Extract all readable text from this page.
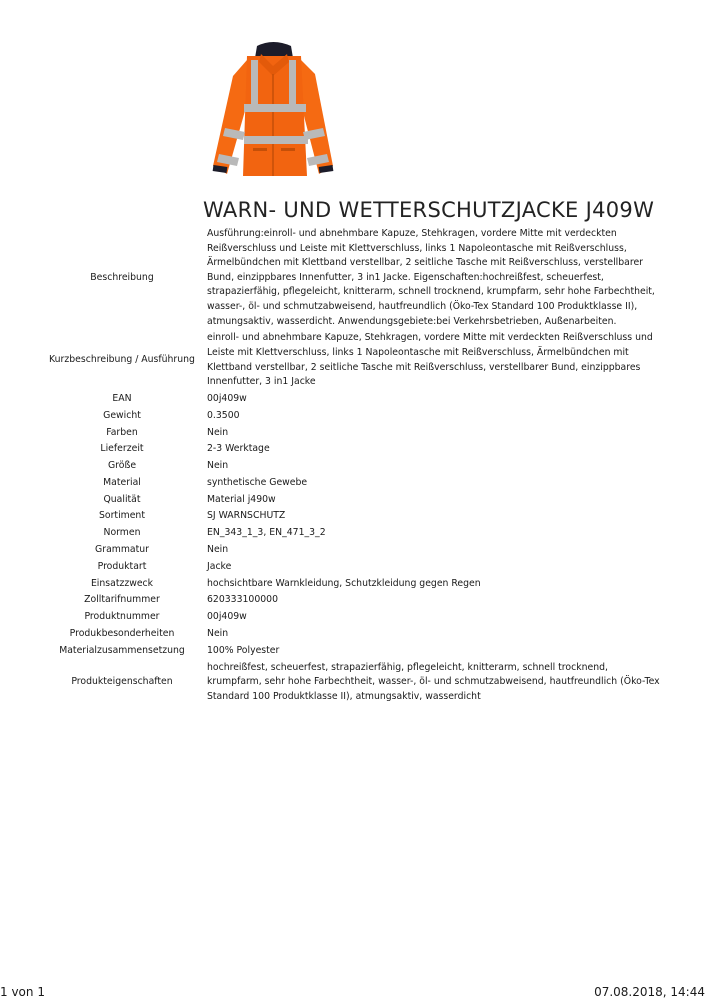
WARN- UND WETTERSCHUTZJACKE J409W
Beschreibung	Ausführung:einroll- und abnehmbare Kapuze, Stehkragen, vordere Mitte mit verdeckten Reißverschluss und Leiste mit Klettverschluss, links 1 Napoleontasche mit Reißverschluss, Ärmelbündchen mit Klettband verstellbar, 2 seitliche Tasche mit Reißverschluss, verstellbarer Bund, einzippbares Innenfutter, 3 in1 Jacke. Eigenschaften:hochreißfest, scheuerfest, strapazierfähig, pflegeleicht, knitterarm, schnell trocknend, krumpfarm, sehr hohe Farbechtheit, wasser-, öl- und schmutzabweisend, hautfreundlich (Öko-Tex Standard 100 Produktklasse II), atmungsaktiv, wasserdicht. Anwendungsgebiete:bei Verkehrsbetrieben, Außenarbeiten.
Kurzbeschreibung / Ausführung	einroll- und abnehmbare Kapuze, Stehkragen, vordere Mitte mit verdeckten Reißverschluss und Leiste mit Klettverschluss, links 1 Napoleontasche mit Reißverschluss, Ärmelbündchen mit Klettband verstellbar, 2 seitliche Tasche mit Reißverschluss, verstellbarer Bund, einzippbares Innenfutter, 3 in1 Jacke
EAN	00j409w
Gewicht	0.3500
Farben	Nein
Lieferzeit	2-3 Werktage
Größe	Nein
Material	synthetische Gewebe
Qualität	Material j490w
Sortiment	SJ WARNSCHUTZ
Normen	EN_343_1_3, EN_471_3_2
Grammatur	Nein
Produktart	Jacke
Einsatzzweck	hochsichtbare Warnkleidung, Schutzkleidung gegen Regen
Zolltarifnummer	620333100000
Produktnummer	00j409w
Produkbesonderheiten	Nein
Materialzusammensetzung	100% Polyester
Produkteigenschaften	hochreißfest, scheuerfest, strapazierfähig, pflegeleicht, knitterarm, schnell trocknend, krumpfarm, sehr hohe Farbechtheit, wasser-, öl- und schmutzabweisend, hautfreundlich (Öko-Tex Standard 100 Produktklasse II), atmungsaktiv, wasserdicht
1 von 1	07.08.2018, 14:44
